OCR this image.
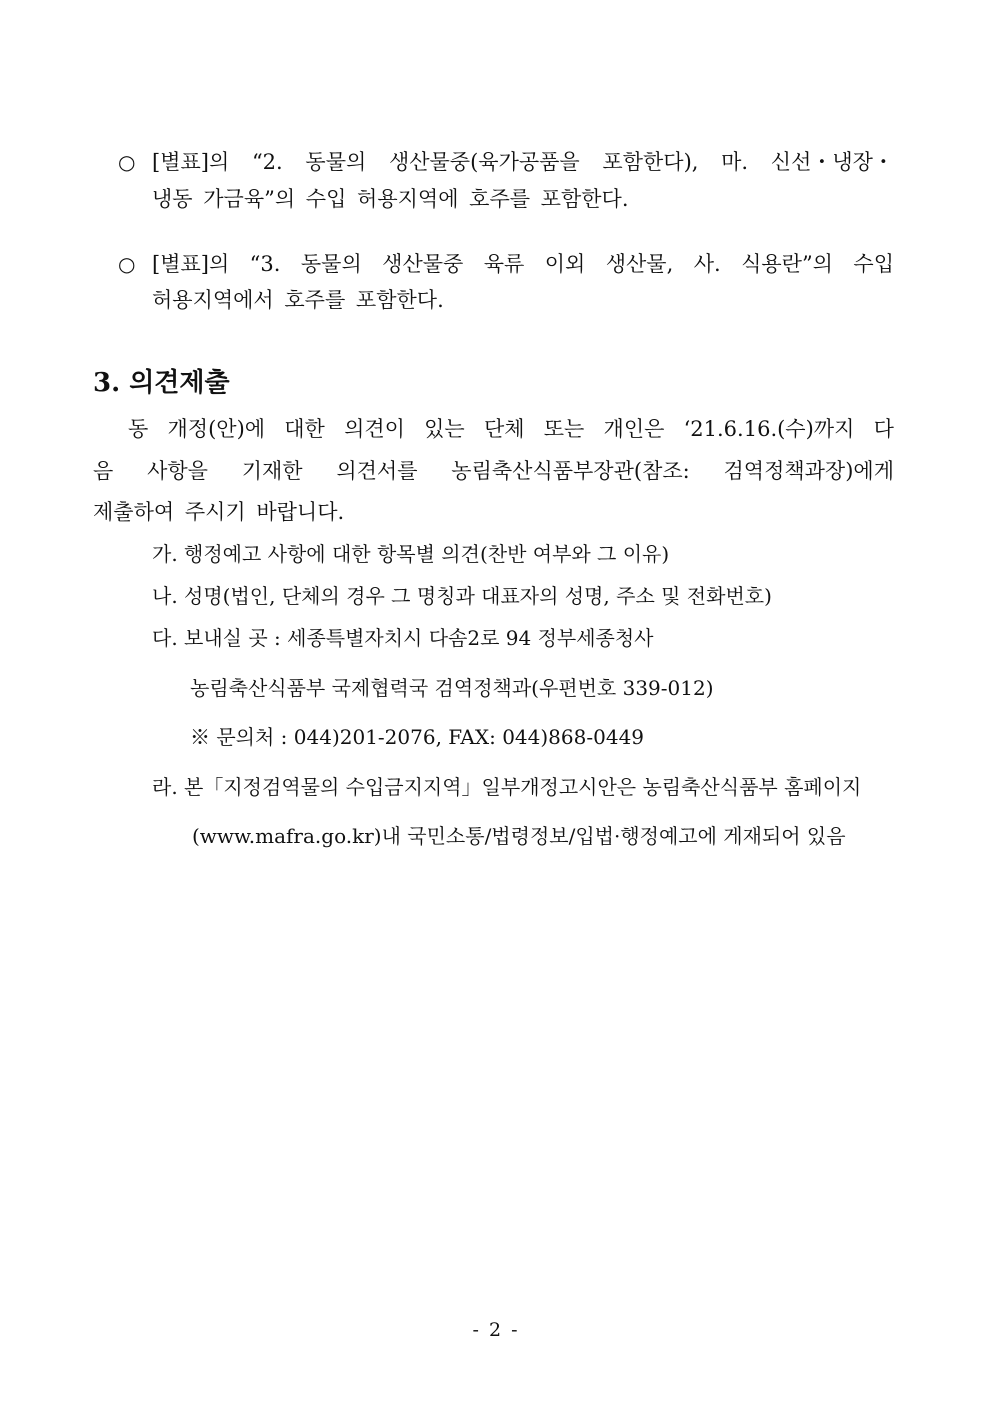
○ [별표]의 “2. 동물의 생산물중(육가공품을 포함한다), 마. 신선・냉장・
냉동 가금육”의 수입 허용지역에 호주를 포함한다.
○ [별표]의 “3. 동물의 생산물중 육류 이외 생산물, 사. 식용란”의 수입
허용지역에서 호주를 포함한다.
3. 의견제출
동 개정(안)에 대한 의견이 있는 단체 또는 개인은 ‘21.6.16.(수)까지 다
음 사항을 기재한 의견서를 농림축산식품부장관(참조: 검역정책과장)에게
제출하여 주시기 바랍니다.
가. 행정예고 사항에 대한 항목별 의견(찬반 여부와 그 이유)
나. 성명(법인, 단체의 경우 그 명칭과 대표자의 성명, 주소 및 전화번호)
다. 보내실 곳 : 세종특별자치시 다솜2로 94 정부세종청사
농림축산식품부 국제협력국 검역정책과(우편번호 339-012)
※ 문의처 : 044)201-2076, FAX: 044)868-0449
라. 본「지정검역물의 수입금지지역」일부개정고시안은 농림축산식품부 홈페이지
(www.mafra.go.kr)내 국민소통/법령정보/입법·행정예고에 게재되어 있음
- 2 -
